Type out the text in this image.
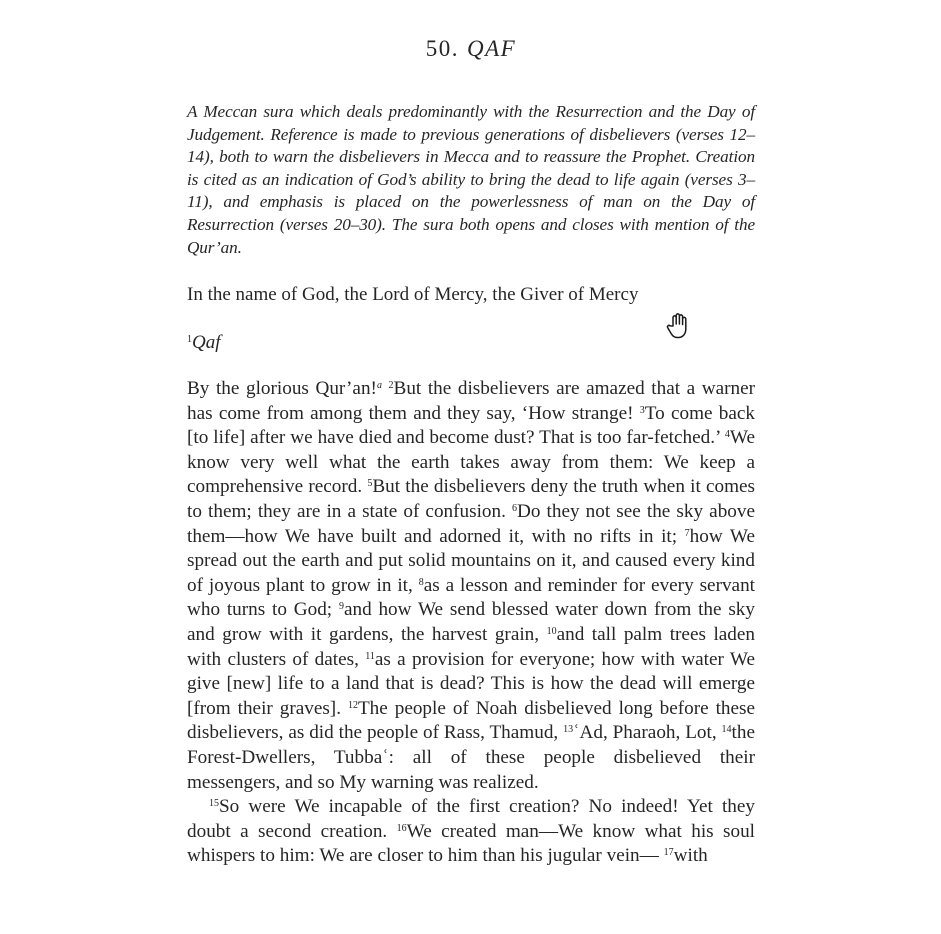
50. QAF
A Meccan sura which deals predominantly with the Resurrection and the Day of Judgement. Reference is made to previous generations of disbelievers (verses 12–14), both to warn the disbelievers in Mecca and to reassure the Prophet. Creation is cited as an indication of God’s ability to bring the dead to life again (verses 3–11), and emphasis is placed on the powerlessness of man on the Day of Resurrection (verses 20–30). The sura both opens and closes with mention of the Qur’an.
In the name of God, the Lord of Mercy, the Giver of Mercy
$^1$Qaf

By the glorious Qur’an!$^a$ $^2$But the disbelievers are amazed that a warner has come from among them and they say, ‘How strange! $^3$To come back [to life] after we have died and become dust? That is too far-fetched.’ $^4$We know very well what the earth takes away from them: We keep a comprehensive record. $^5$But the disbelievers deny the truth when it comes to them; they are in a state of confusion. $^6$Do they not see the sky above them—how We have built and adorned it, with no rifts in it; $^7$how We spread out the earth and put solid mountains on it, and caused every kind of joyous plant to grow in it, $^8$as a lesson and reminder for every servant who turns to God; $^9$and how We send blessed water down from the sky and grow with it gardens, the harvest grain, $^{10}$and tall palm trees laden with clusters of dates, $^{11}$as a provision for everyone; how with water We give [new] life to a land that is dead? This is how the dead will emerge [from their graves]. $^{12}$The people of Noah disbelieved long before these disbelievers, as did the people of Rass, Thamud, $^{13}$ʿAd, Pharaoh, Lot, $^{14}$the Forest-Dwellers, Tubbaʿ: all of these people disbelieved their messengers, and so My warning was realized.

$^{15}$So were We incapable of the first creation? No indeed! Yet they doubt a second creation. $^{16}$We created man—We know what his soul whispers to him: We are closer to him than his jugular vein— $^{17}$with
